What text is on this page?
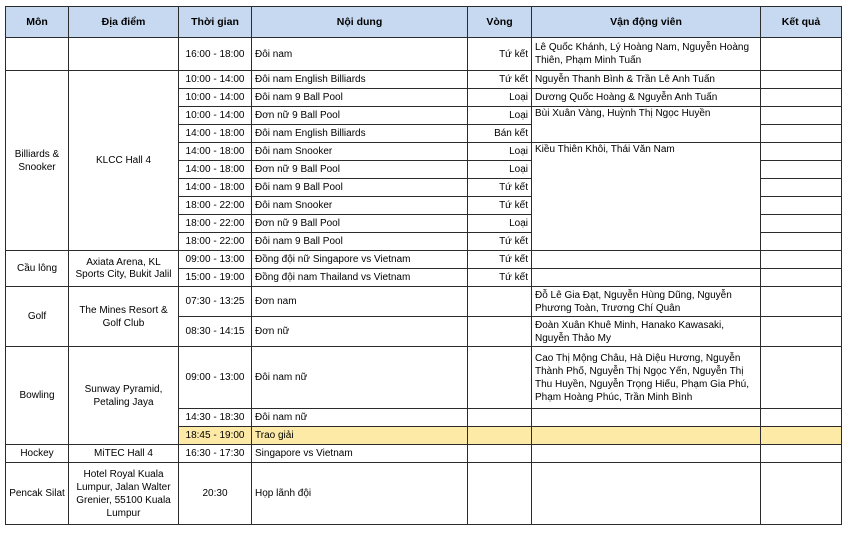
Môn	Địa điểm	Thời gian	Nội dung	Vòng	Vận động viên	Kết quả
		16:00 - 18:00	Đôi nam	Tứ kết	Lê Quốc Khánh, Lý Hoàng Nam, Nguyễn Hoàng Thiên, Phạm Minh Tuấn	
Billiards & Snooker	KLCC Hall 4	10:00 - 14:00	Đôi nam English Billiards	Tứ kết	Nguyễn Thanh Bình & Trần Lê Anh Tuấn	
		10:00 - 14:00	Đôi nam 9 Ball Pool	Loại	Dương Quốc Hoàng & Nguyễn Anh Tuấn	
		10:00 - 14:00	Đơn nữ 9 Ball Pool	Loại	Bùi Xuân Vàng, Huỳnh Thị Ngọc Huyền	
		14:00 - 18:00	Đôi nam English Billiards	Bán kết		
		14:00 - 18:00	Đôi nam Snooker	Loại	Kiều Thiên Khôi, Thái Văn Nam	
		14:00 - 18:00	Đơn nữ 9 Ball Pool	Loại		
		14:00 - 18:00	Đôi nam 9 Ball Pool	Tứ kết		
		18:00 - 22:00	Đôi nam Snooker	Tứ kết		
		18:00 - 22:00	Đơn nữ 9 Ball Pool	Loại		
		18:00 - 22:00	Đôi nam 9 Ball Pool	Tứ kết		
Cầu lông	Axiata Arena, KL Sports City, Bukit Jalil	09:00 - 13:00	Đồng đội nữ Singapore vs Vietnam	Tứ kết		
		15:00 - 19:00	Đồng đội nam Thailand vs Vietnam	Tứ kết		
Golf	The Mines Resort & Golf Club	07:30 - 13:25	Đơn nam		Đỗ Lê Gia Đạt, Nguyễn Hùng Dũng, Nguyễn Phương Toàn, Trương Chí Quân	
		08:30 - 14:15	Đơn nữ		Đoàn Xuân Khuê Minh, Hanako Kawasaki, Nguyễn Thảo My	
Bowling	Sunway Pyramid, Petaling Jaya	09:00 - 13:00	Đôi nam nữ		Cao Thị Mộng Châu, Hà Diệu Hương, Nguyễn Thành Phố, Nguyễn Thị Ngọc Yến, Nguyễn Thị Thu Huyền, Nguyễn Trọng Hiếu, Phạm Gia Phú, Phạm Hoàng Phúc, Trần Minh Bình	
		14:30 - 18:30	Đôi nam nữ			
		18:45 - 19:00	Trao giải			
Hockey	MiTEC Hall 4	16:30 - 17:30	Singapore vs Vietnam			
Pencak Silat	Hotel Royal Kuala Lumpur, Jalan Walter Grenier, 55100 Kuala Lumpur	20:30	Họp lãnh đội			
